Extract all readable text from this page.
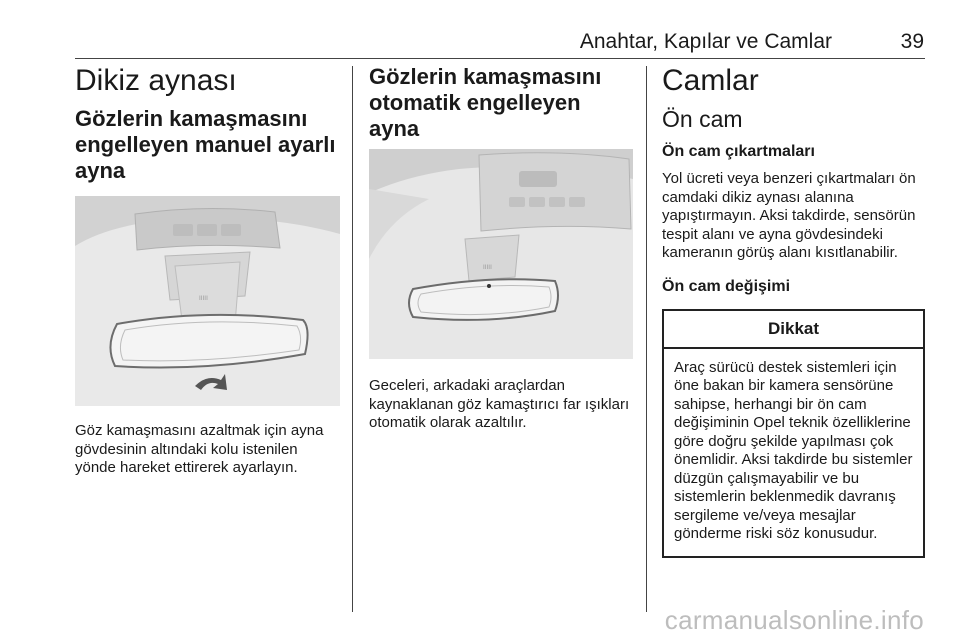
Anahtar, Kapılar ve Camlar	39
Dikiz aynası
Gözlerin kamaşmasını engelleyen manuel ayarlı ayna
IIIII

Göz kamaşmasını azaltmak için ayna gövdesinin altındaki kolu istenilen yönde hareket ettirerek ayarlayın.

Gözlerin kamaşmasını otomatik engelleyen ayna
IIIII

Geceleri, arkadaki araçlardan kaynaklanan göz kamaştırıcı far ışıkları otomatik olarak azaltılır.

Camlar
Ön cam
Ön cam çıkartmaları

Yol ücreti veya benzeri çıkartmaları ön camdaki dikiz aynası alanına yapıştırmayın. Aksi takdirde, sensörün tespit alanı ve ayna gövdesindeki kameranın görüş alanı kısıtlanabilir.

Ön cam değişimi
Dikkat
Araç sürücü destek sistemleri için öne bakan bir kamera sensörüne sahipse, herhangi bir ön cam değişiminin Opel teknik özelliklerine göre doğru şekilde yapılması çok önemlidir. Aksi takdirde bu sistemler düzgün çalışmayabilir ve bu sistemlerin beklenmedik davranış sergileme ve/veya mesajlar gönderme riski söz konusudur.
carmanualsonline.info
